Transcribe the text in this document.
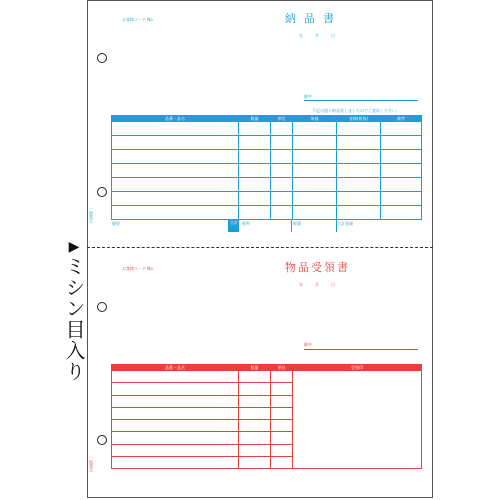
▶
ミシン目入り
お客様コード No.	納品書
年	月	日
御中
下記の通り納品致しましたのでご査収ください。
品番・品名	数量	単位	単価	金額(税抜)	備考

摘要	合計 税率	税額	合計金額
一般書式
お客様コード No.	物品受領書
年	月	日
御中
品番・品名	数量	単位	受領印

一般書式
